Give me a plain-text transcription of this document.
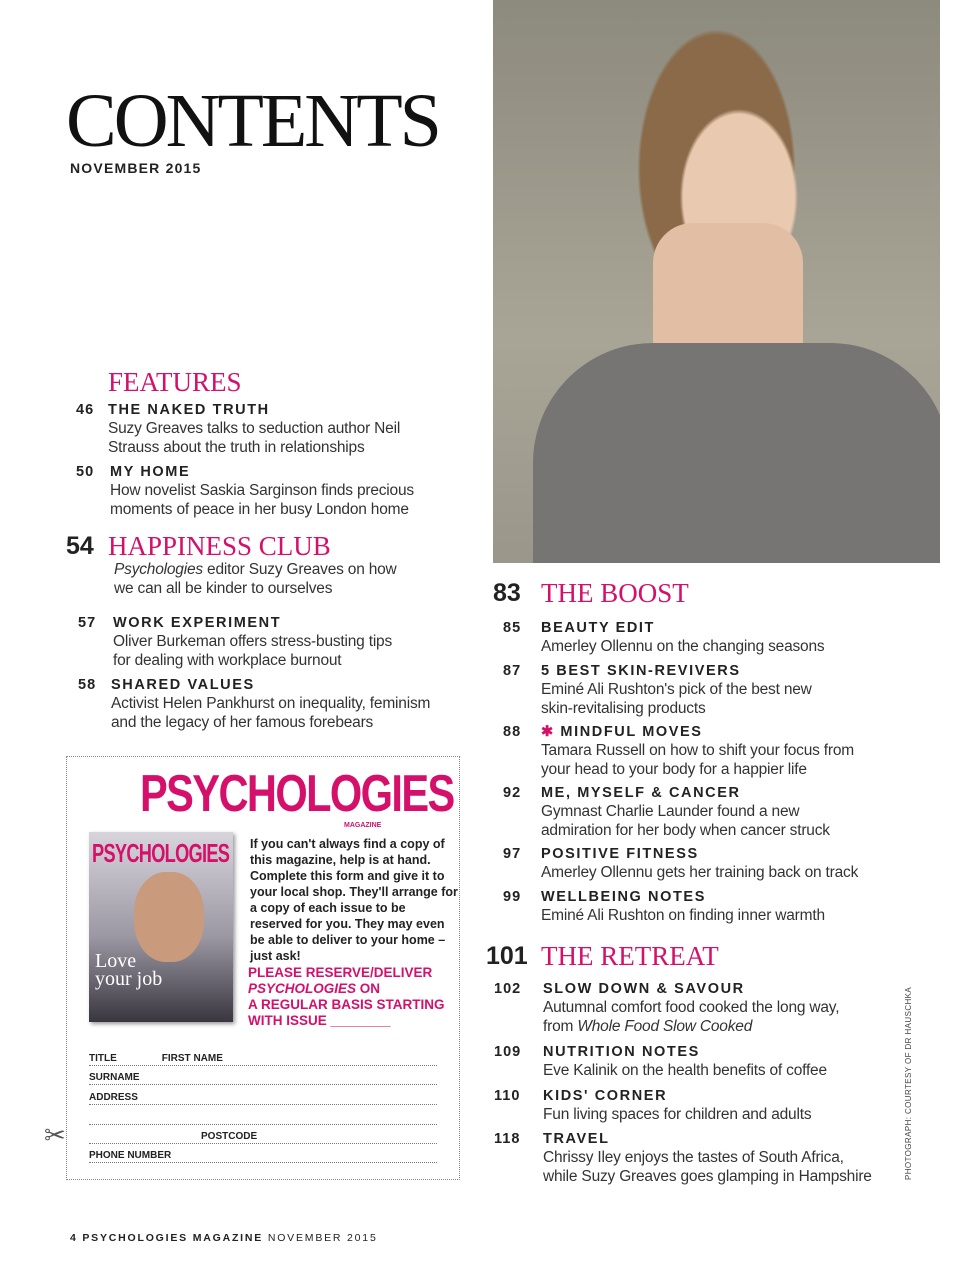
CONTENTS
NOVEMBER 2015
FEATURES
46 THE NAKED TRUTH
Suzy Greaves talks to seduction author Neil
Strauss about the truth in relationships
50 MY HOME
How novelist Saskia Sarginson finds precious
moments of peace in her busy London home
54 HAPPINESS CLUB
Psychologies editor Suzy Greaves on how
we can all be kinder to ourselves
57 WORK EXPERIMENT
Oliver Burkeman offers stress-busting tips
for dealing with workplace burnout
58 SHARED VALUES
Activist Helen Pankhurst on inequality, feminism
and the legacy of her famous forebears
PSYCHOLOGIES
MAGAZINE
PSYCHOLOGIES
Love
your job
If you can't always find a copy of this magazine, help is at hand. Complete this form and give it to your local shop. They'll arrange for a copy of each issue to be reserved for you. They may even be able to deliver to your home – just ask!
PLEASE RESERVE/DELIVER
PSYCHOLOGIES ON
A REGULAR BASIS STARTING
WITH ISSUE ________
TITLE	FIRST NAME
SURNAME
ADDRESS
POSTCODE
PHONE NUMBER
✂
83 THE BOOST
85 BEAUTY EDIT
Amerley Ollennu on the changing seasons
87 5 BEST SKIN-REVIVERS
Eminé Ali Rushton's pick of the best new
skin-revitalising products
88 ✱ MINDFUL MOVES
Tamara Russell on how to shift your focus from
your head to your body for a happier life
92 ME, MYSELF & CANCER
Gymnast Charlie Launder found a new
admiration for her body when cancer struck
97 POSITIVE FITNESS
Amerley Ollennu gets her training back on track
99 WELLBEING NOTES
Eminé Ali Rushton on finding inner warmth
101 THE RETREAT
102 SLOW DOWN & SAVOUR
Autumnal comfort food cooked the long way,
from Whole Food Slow Cooked
109 NUTRITION NOTES
Eve Kalinik on the health benefits of coffee
110 KIDS' CORNER
Fun living spaces for children and adults
118 TRAVEL
Chrissy Iley enjoys the tastes of South Africa,
while Suzy Greaves goes glamping in Hampshire	PHOTOGRAPH: COURTESY OF DR HAUSCHKA
4 PSYCHOLOGIES MAGAZINE NOVEMBER 2015
